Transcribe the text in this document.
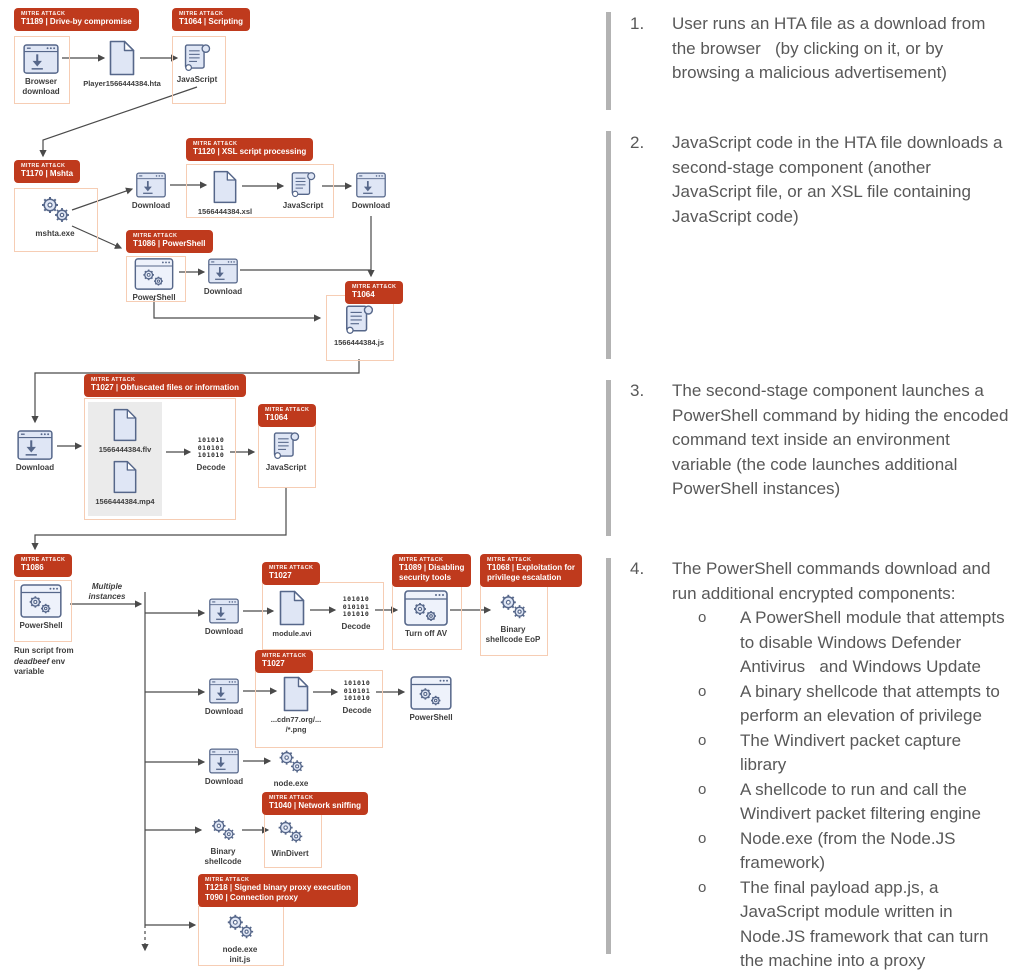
MITRE ATT&CK
T1189 | Drive-by compromise
MITRE ATT&CK
T1064 | Scripting
MITRE ATT&CK
T1170 | Mshta
MITRE ATT&CK
T1120 | XSL script processing
MITRE ATT&CK
T1086 | PowerShell
MITRE ATT&CK
T1064
MITRE ATT&CK
T1027 | Obfuscated files or information
MITRE ATT&CK
T1064
MITRE ATT&CK
T1086	MITRE ATT&CK
T1027
MITRE ATT&CK
T1089 | Disabling
security tools
MITRE ATT&CK
T1068 | Exploitation for
privilege escalation
MITRE ATT&CK
T1027
MITRE ATT&CK
T1040 | Network sniffing
MITRE ATT&CK
T1218 | Signed binary proxy execution
T090 | Connection proxy
Browser download
Player1566444384.hta	JavaScript
mshta.exe
Download
1566444384.xsl
JavaScript	Download
PowerShell
Download
1566444384.js
Download
1566444384.flv
1566444384.mp4
101010
010101
101010
Decode	JavaScript
PowerShell
Run script from
deadbeef env
variable
Multiple
instances
Download	module.avi
101010
010101
101010
Decode
Turn off AV	Binary shellcode EoP
Download
...cdn77.org/...
/*.png
101010
010101
101010
Decode
PowerShell
Download	node.exe
Binary shellcode
WinDivert
node.exe
init.js
1.	User runs an HTA file as a download from the browser   (by clicking on it, or by browsing a malicious advertisement)
2.	JavaScript code in the HTA file downloads a second-stage component (another JavaScript file, or an XSL file containing JavaScript code)
3.	The second-stage component launches a PowerShell command by hiding the encoded command text inside an environment variable (the code launches additional PowerShell instances)
4.	The PowerShell commands download and run additional encrypted components:
o	A PowerShell module that attempts to disable Windows Defender Antivirus   and Windows Update
o	A binary shellcode that attempts to perform an elevation of privilege
o	The Windivert packet capture library
o	A shellcode to run and call the Windivert packet filtering engine
o	Node.exe (from the Node.JS framework)
o	The final payload app.js, a JavaScript module written in Node.JS framework that can turn the machine into a proxy
